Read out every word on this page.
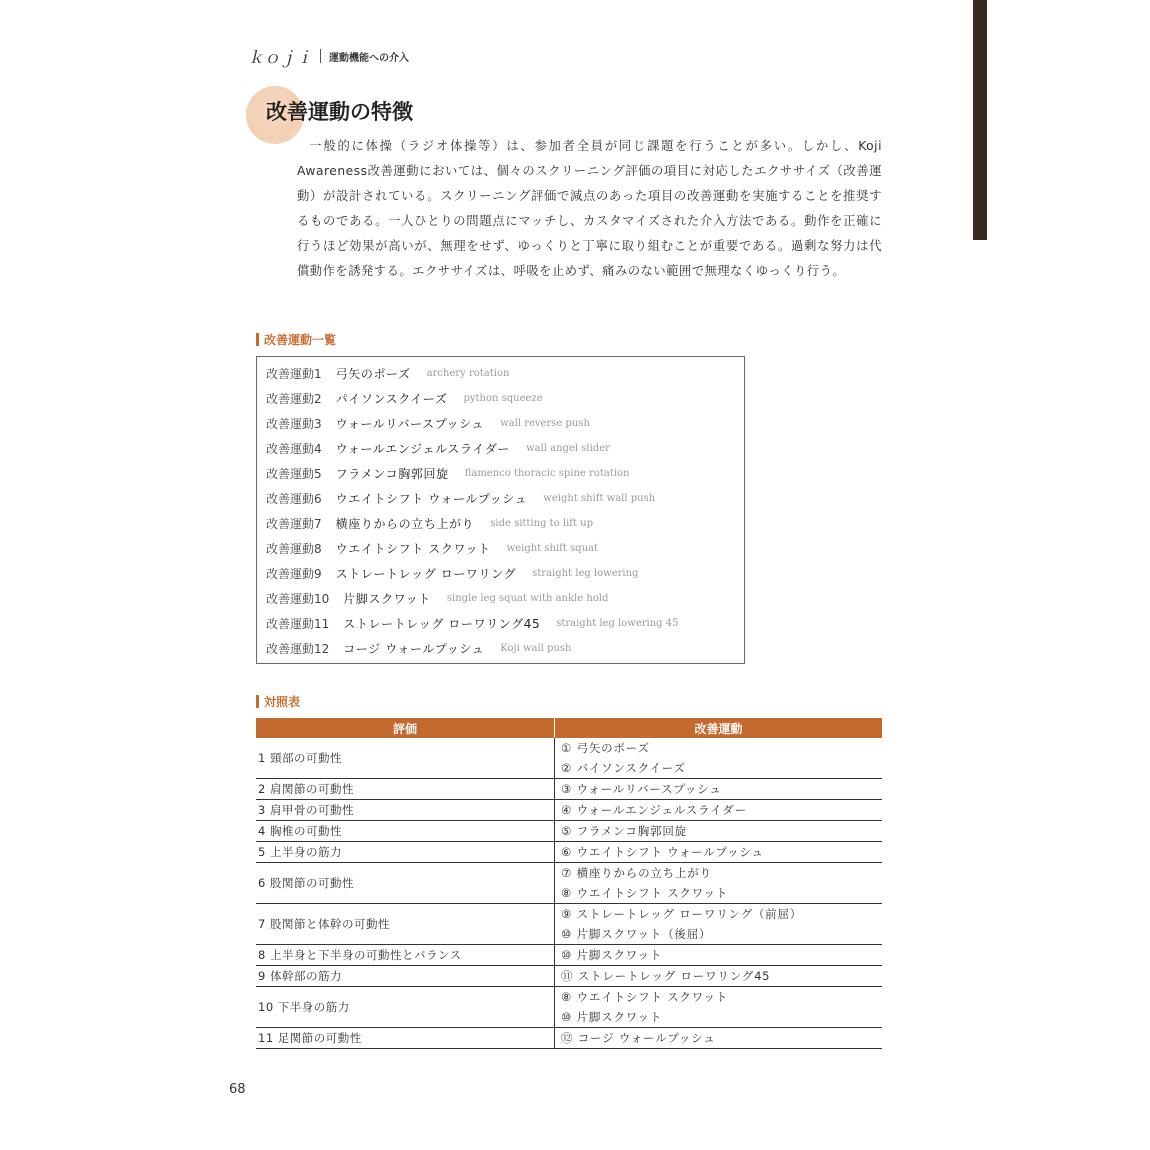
ｋｏｊｉ 運動機能への介入
改善運動の特徴

一般的に体操（ラジオ体操等）は、参加者全員が同じ課題を行うことが多い。しかし、Koji Awareness改善運動においては、個々のスクリーニング評価の項目に対応したエクササイズ（改善運動）が設計されている。スクリーニング評価で減点のあった項目の改善運動を実施することを推奨するものである。一人ひとりの問題点にマッチし、カスタマイズされた介入方法である。動作を正確に行うほど効果が高いが、無理をせず、ゆっくりと丁寧に取り組むことが重要である。過剰な努力は代償動作を誘発する。エクササイズは、呼吸を止めず、痛みのない範囲で無理なくゆっくり行う。

改善運動一覧
改善運動1 弓矢のポーズ archery rotation
改善運動2 パイソンスクイーズ python squeeze
改善運動3 ウォールリバースプッシュ wall reverse push
改善運動4 ウォールエンジェルスライダー wall angel slider
改善運動5 フラメンコ胸郭回旋 flamenco thoracic spine rotation
改善運動6 ウエイトシフト ウォールプッシュ weight shift wall push
改善運動7 横座りからの立ち上がり side sitting to lift up
改善運動8 ウエイトシフト スクワット weight shift squat
改善運動9 ストレートレッグ ローワリング straight leg lowering
改善運動10 片脚スクワット single leg squat with ankle hold
改善運動11 ストレートレッグ ローワリング45 straight leg lowering 45
改善運動12 コージ ウォールプッシュ Koji wall push
対照表
評価	改善運動
1 頸部の可動性	① 弓矢のポーズ
② パイソンスクイーズ

2 肩関節の可動性	③ ウォールリバースプッシュ

3 肩甲骨の可動性	④ ウォールエンジェルスライダー

4 胸椎の可動性	⑤ フラメンコ胸郭回旋

5 上半身の筋力	⑥ ウエイトシフト ウォールプッシュ

6 股関節の可動性	⑦ 横座りからの立ち上がり
⑧ ウエイトシフト スクワット

7 股関節と体幹の可動性	⑨ ストレートレッグ ローワリング（前屈）
⑩ 片脚スクワット（後屈）

8 上半身と下半身の可動性とバランス	⑩ 片脚スクワット

9 体幹部の筋力	⑪ ストレートレッグ ローワリング45

10 下半身の筋力	⑧ ウエイトシフト スクワット
⑩ 片脚スクワット

11 足関節の可動性	⑫ コージ ウォールプッシュ
68
